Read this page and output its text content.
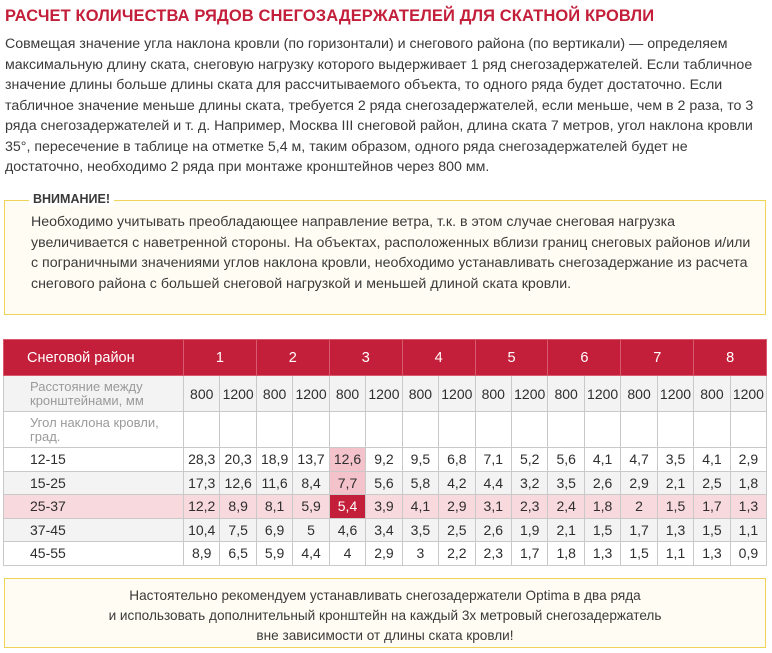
РАСЧЕТ КОЛИЧЕСТВА РЯДОВ СНЕГОЗАДЕРЖАТЕЛЕЙ ДЛЯ СКАТНОЙ КРОВЛИ

Совмещая значение угла наклона кровли (по горизонтали) и снегового района (по вертикали) — определяем максимальную длину ската, снеговую нагрузку которого выдерживает 1 ряд снегозадержателей. Если табличное значение длины больше длины ската для рассчитываемого объекта, то одного ряда будет достаточно. Если табличное значение меньше длины ската, требуется 2 ряда снегозадержателей, если меньше, чем в 2 раза, то 3 ряда снегозадержателей и т. д. Например, Москва III снеговой район, длина ската 7 метров, угол наклона кровли 35°, пересечение в таблице на отметке 5,4 м, таким образом, одного ряда снегозадержателей будет не достаточно, необходимо 2 ряда при монтаже кронштейнов через 800 мм.

ВНИМАНИЕ!

Необходимо учитывать преобладающее направление ветра, т.к. в этом случае снеговая нагрузка увеличивается с наветренной стороны. На объектах, расположенных вблизи границ снеговых районов и/или с пограничными значениями углов наклона кровли, необходимо устанавливать снегозадержание из расчета снегового района с большей снеговой нагрузкой и меньшей длиной ската кровли.

Снеговой район	1		2		3		4		5		6		7		8	
Расстояние между кронштейнами, мм	800	1200	800	1200	800	1200	800	1200	800	1200	800	1200	800	1200	800	1200
Угол наклона кровли, град.																
12-15	28,3	20,3	18,9	13,7	12,6	9,2	9,5	6,8	7,1	5,2	5,6	4,1	4,7	3,5	4,1	2,9
15-25	17,3	12,6	11,6	8,4	7,7	5,6	5,8	4,2	4,4	3,2	3,5	2,6	2,9	2,1	2,5	1,8
25-37	12,2	8,9	8,1	5,9	5,4	3,9	4,1	2,9	3,1	2,3	2,4	1,8	2	1,5	1,7	1,3
37-45	10,4	7,5	6,9	5	4,6	3,4	3,5	2,5	2,6	1,9	2,1	1,5	1,7	1,3	1,5	1,1
45-55	8,9	6,5	5,9	4,4	4	2,9	3	2,2	2,3	1,7	1,8	1,3	1,5	1,1	1,3	0,9
Настоятельно рекомендуем устанавливать снегозадержатели Optima в два ряда
и использовать дополнительный кронштейн на каждый 3х метровый снегозадержатель
вне зависимости от длины ската кровли!
